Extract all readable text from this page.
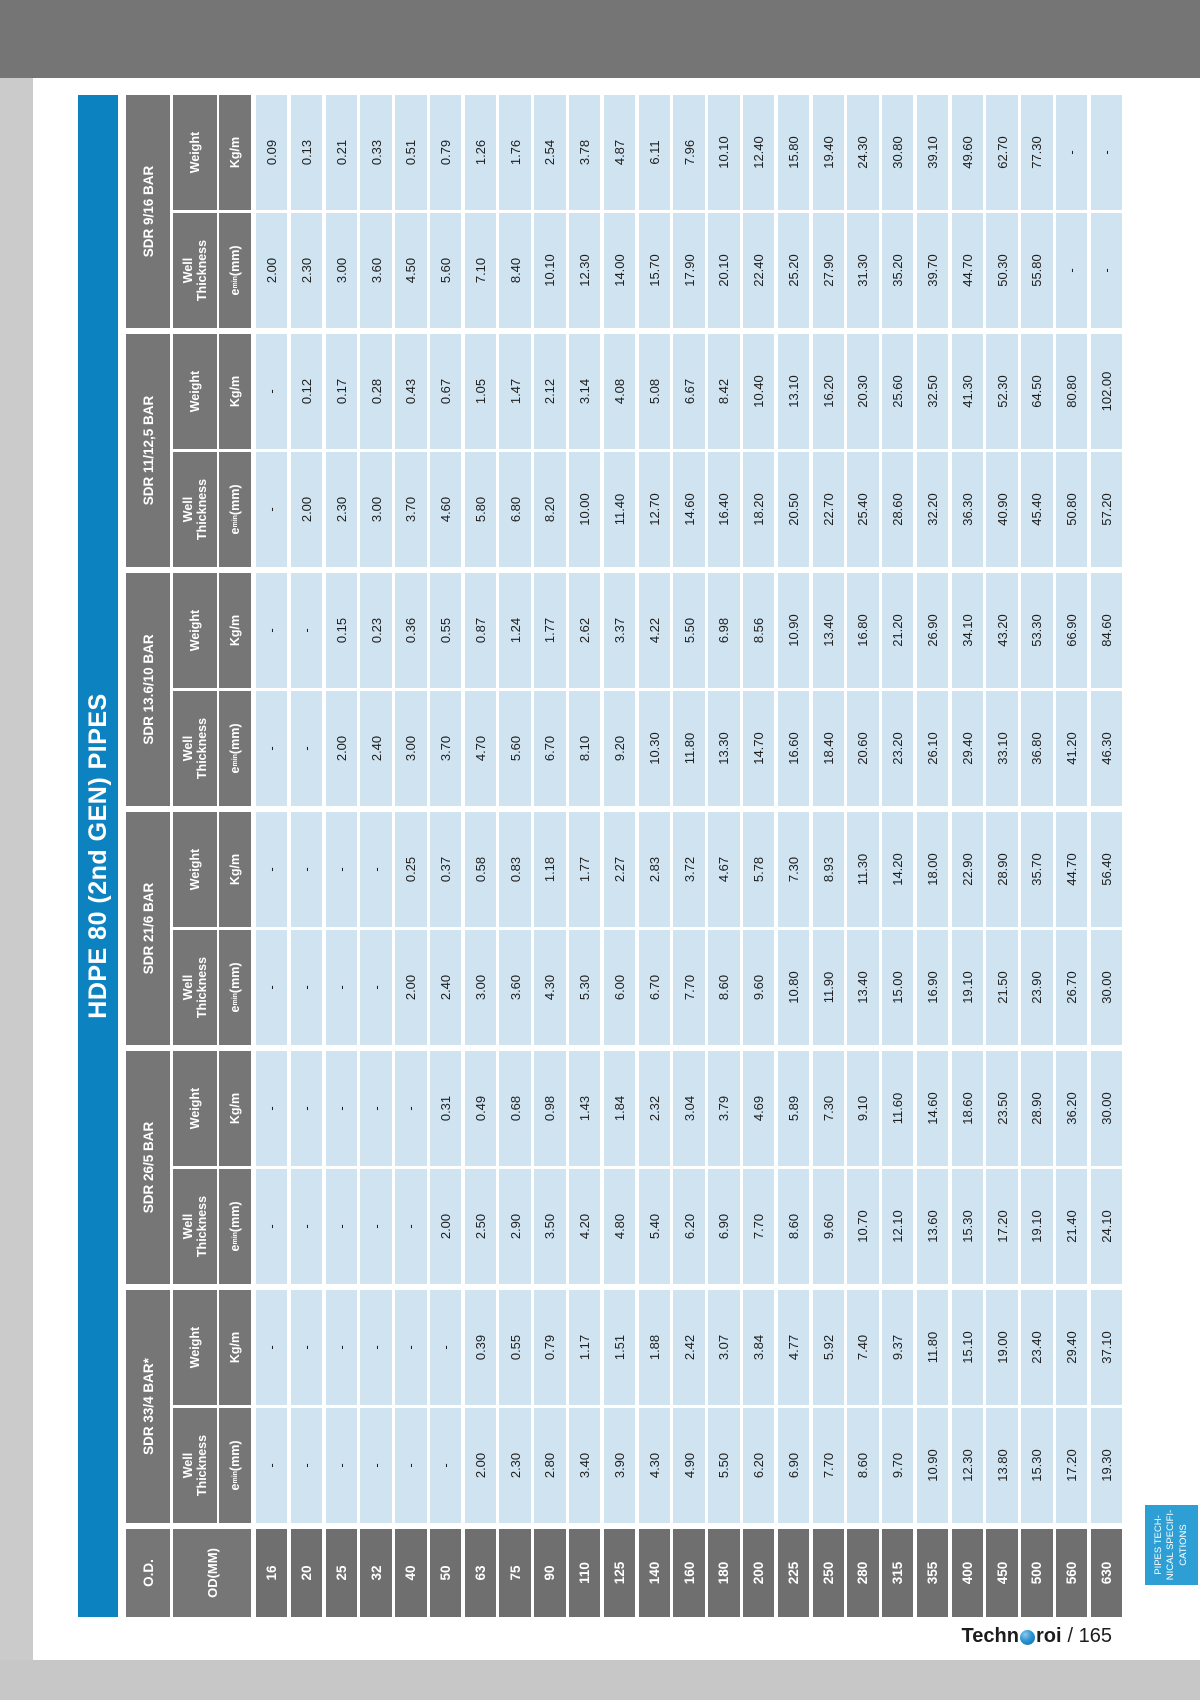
HDPE 80 (2nd GEN) PIPES
O.D.	OD(MM)	16	20	25	32	40	50	63	75	90	110	125	140	160	180	200	225	250	280	315	355	400	450	500	560	630
SDR 33/4 BAR*
Well
Thickness	e
min
(mm)	-	-	-	-	-	-	2.00	2.30	2.80	3.40	3.90	4.30	4.90	5.50	6.20	6.90	7.70	8.60	9.70	10.90	12.30	13.80	15.30	17.20	19.30
Weight	Kg/m	-	-	-	-	-	-	0.39	0.55	0.79	1.17	1.51	1.88	2.42	3.07	3.84	4.77	5.92	7.40	9.37	11.80	15.10	19.00	23.40	29.40	37.10
SDR 26/5 BAR
Well
Thickness	e
min
(mm)	-	-	-	-	-	2.00	2.50	2.90	3.50	4.20	4.80	5.40	6.20	6.90	7.70	8.60	9.60	10.70	12.10	13.60	15.30	17.20	19.10	21.40	24.10
Weight	Kg/m	-	-	-	-	-	0.31	0.49	0.68	0.98	1.43	1.84	2.32	3.04	3.79	4.69	5.89	7.30	9.10	11.60	14.60	18.60	23.50	28.90	36.20	30.00
SDR 21/6 BAR
Well
Thickness	e
min
(mm)	-	-	-	-	2.00	2.40	3.00	3.60	4.30	5.30	6.00	6.70	7.70	8.60	9.60	10.80	11.90	13.40	15.00	16.90	19.10	21.50	23.90	26.70	30.00
Weight	Kg/m	-	-	-	-	0.25	0.37	0.58	0.83	1.18	1.77	2.27	2.83	3.72	4.67	5.78	7.30	8.93	11.30	14.20	18.00	22.90	28.90	35.70	44.70	56.40
SDR 13.6/10 BAR
Well
Thickness	e
min
(mm)	-	-	2.00	2.40	3.00	3.70	4.70	5.60	6.70	8.10	9.20	10.30	11.80	13.30	14.70	16.60	18.40	20.60	23.20	26.10	29.40	33.10	36.80	41.20	46.30
Weight	Kg/m	-	-	0.15	0.23	0.36	0.55	0.87	1.24	1.77	2.62	3.37	4.22	5.50	6.98	8.56	10.90	13.40	16.80	21.20	26.90	34.10	43.20	53.30	66.90	84.60
SDR 11/12,5 BAR
Well
Thickness	e
min
(mm)	-	2.00	2.30	3.00	3.70	4.60	5.80	6.80	8.20	10.00	11.40	12.70	14.60	16.40	18.20	20.50	22.70	25.40	28.60	32.20	36.30	40.90	45.40	50.80	57.20
Weight	Kg/m	-	0.12	0.17	0.28	0.43	0.67	1.05	1.47	2.12	3.14	4.08	5.08	6.67	8.42	10.40	13.10	16.20	20.30	25.60	32.50	41.30	52.30	64.50	80.80	102.00
SDR 9/16 BAR
Well
Thickness	e
min
(mm)	2.00	2.30	3.00	3.60	4.50	5.60	7.10	8.40	10.10	12.30	14.00	15.70	17.90	20.10	22.40	25.20	27.90	31.30	35.20	39.70	44.70	50.30	55.80	-	-
Weight	Kg/m	0.09	0.13	0.21	0.33	0.51	0.79	1.26	1.76	2.54	3.78	4.87	6.11	7.96	10.10	12.40	15.80	19.40	24.30	30.80	39.10	49.60	62.70	77.30	-	-
PIPES TECH- NICAL SPECIFI- CATIONS
Techn roi / 165
